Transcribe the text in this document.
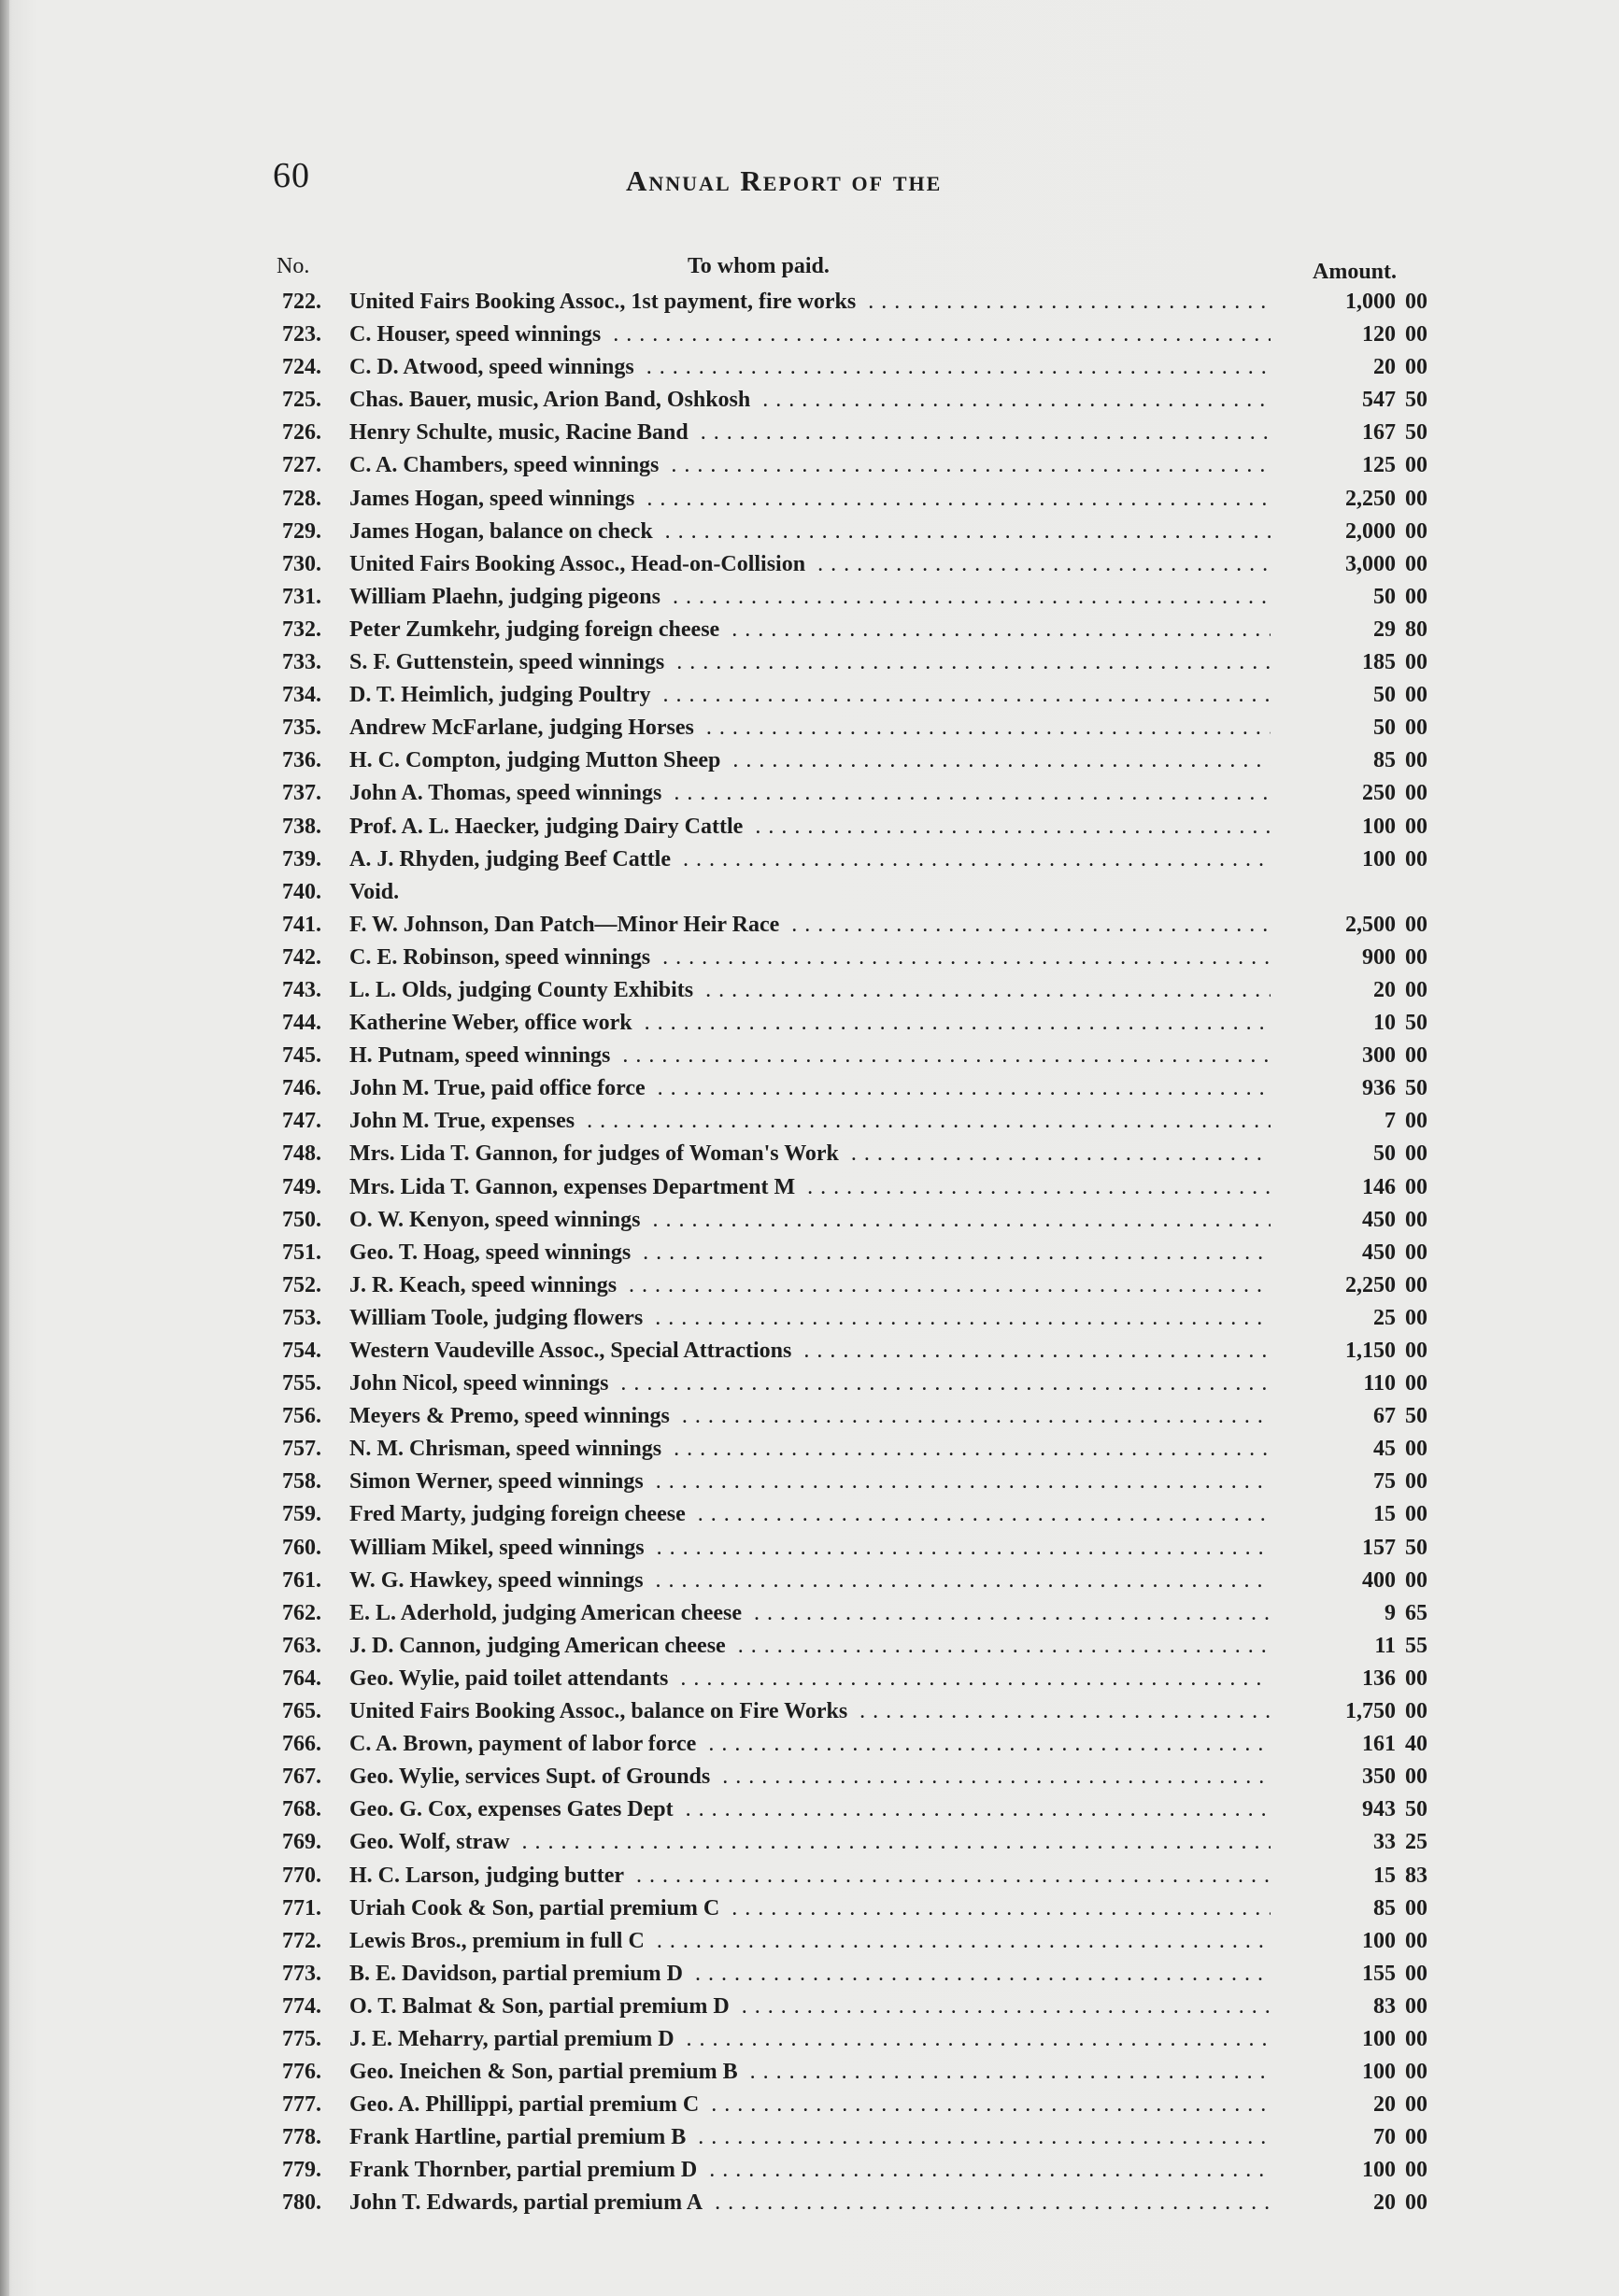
60	Annual Report of the
No.	To whom paid.	Amount.
722. United Fairs Booking Assoc., 1st payment, fire works . . .	1,000 00
723. C. Houser, speed winnings . . .	120 00
724. C. D. Atwood, speed winnings . . .	20 00
725. Chas. Bauer, music, Arion Band, Oshkosh . . .	547 50
726. Henry Schulte, music, Racine Band . . .	167 50
727. C. A. Chambers, speed winnings . . .	125 00
728. James Hogan, speed winnings . . .	2,250 00
729. James Hogan, balance on check . . .	2,000 00
730. United Fairs Booking Assoc., Head-on-Collision . . .	3,000 00
731. William Plaehn, judging pigeons . . .	50 00
732. Peter Zumkehr, judging foreign cheese . . .	29 80
733. S. F. Guttenstein, speed winnings . . .	185 00
734. D. T. Heimlich, judging Poultry . . .	50 00
735. Andrew McFarlane, judging Horses . . .	50 00
736. H. C. Compton, judging Mutton Sheep . . .	85 00
737. John A. Thomas, speed winnings . . .	250 00
738. Prof. A. L. Haecker, judging Dairy Cattle . . .	100 00
739. A. J. Rhyden, judging Beef Cattle . . .	100 00
740. Void.
741. F. W. Johnson, Dan Patch—Minor Heir Race . . .	2,500 00
742. C. E. Robinson, speed winnings . . .	900 00
743. L. L. Olds, judging County Exhibits . . .	20 00
744. Katherine Weber, office work . . .	10 50
745. H. Putnam, speed winnings . . .	300 00
746. John M. True, paid office force . . .	936 50
747. John M. True, expenses . . .	7 00
748. Mrs. Lida T. Gannon, for judges of Woman's Work . . .	50 00
749. Mrs. Lida T. Gannon, expenses Department M . . .	146 00
750. O. W. Kenyon, speed winnings . . .	450 00
751. Geo. T. Hoag, speed winnings . . .	450 00
752. J. R. Keach, speed winnings . . .	2,250 00
753. William Toole, judging flowers . . .	25 00
754. Western Vaudeville Assoc., Special Attractions . . .	1,150 00
755. John Nicol, speed winnings . . .	110 00
756. Meyers & Premo, speed winnings . . .	67 50
757. N. M. Chrisman, speed winnings . . .	45 00
758. Simon Werner, speed winnings . . .	75 00
759. Fred Marty, judging foreign cheese . . .	15 00
760. William Mikel, speed winnings . . .	157 50
761. W. G. Hawkey, speed winnings . . .	400 00
762. E. L. Aderhold, judging American cheese . . .	9 65
763. J. D. Cannon, judging American cheese . . .	11 55
764. Geo. Wylie, paid toilet attendants . . .	136 00
765. United Fairs Booking Assoc., balance on Fire Works . . .	1,750 00
766. C. A. Brown, payment of labor force . . .	161 40
767. Geo. Wylie, services Supt. of Grounds . . .	350 00
768. Geo. G. Cox, expenses Gates Dept . . .	943 50
769. Geo. Wolf, straw . . .	33 25
770. H. C. Larson, judging butter . . .	15 83
771. Uriah Cook & Son, partial premium C . . .	85 00
772. Lewis Bros., premium in full C . . .	100 00
773. B. E. Davidson, partial premium D . . .	155 00
774. O. T. Balmat & Son, partial premium D . . .	83 00
775. J. E. Meharry, partial premium D . . .	100 00
776. Geo. Ineichen & Son, partial premium B . . .	100 00
777. Geo. A. Phillippi, partial premium C . . .	20 00
778. Frank Hartline, partial premium B . . .	70 00
779. Frank Thornber, partial premium D . . .	100 00
780. John T. Edwards, partial premium A . . .	20 00
